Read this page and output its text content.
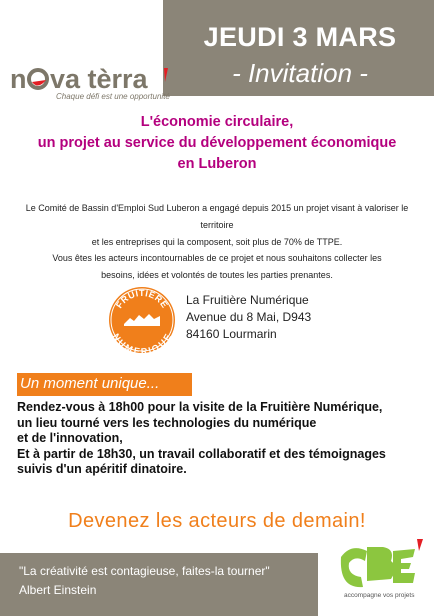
JEUDI 3 MARS
- Invitation -
n va tèrra
Chaque défi est une opportunité
L'économie circulaire,
un projet au service du développement économique
en Luberon
Le Comité de Bassin d'Emploi Sud Luberon a engagé depuis 2015 un projet visant à valoriser le territoire
et les entreprises qui la composent, soit plus de 70% de TTPE.
Vous êtes les acteurs incontournables de ce projet et nous souhaitons collecter les
besoins, idées et volontés de toutes les parties prenantes.
FRUITIERE
NUMERIQUE
La Fruitière Numérique
Avenue du 8 Mai, D943
84160 Lourmarin
Un moment unique...
Rendez-vous à 18h00 pour la visite de la Fruitière Numérique,
un lieu tourné vers les technologies du numérique
et de l'innovation,
Et à partir de 18h30, un travail collaboratif et des témoignages
suivis d'un apéritif dinatoire.
Devenez les acteurs de demain!
"La créativité est contagieuse, faites-la tourner"
Albert Einstein	accompagne vos projets
